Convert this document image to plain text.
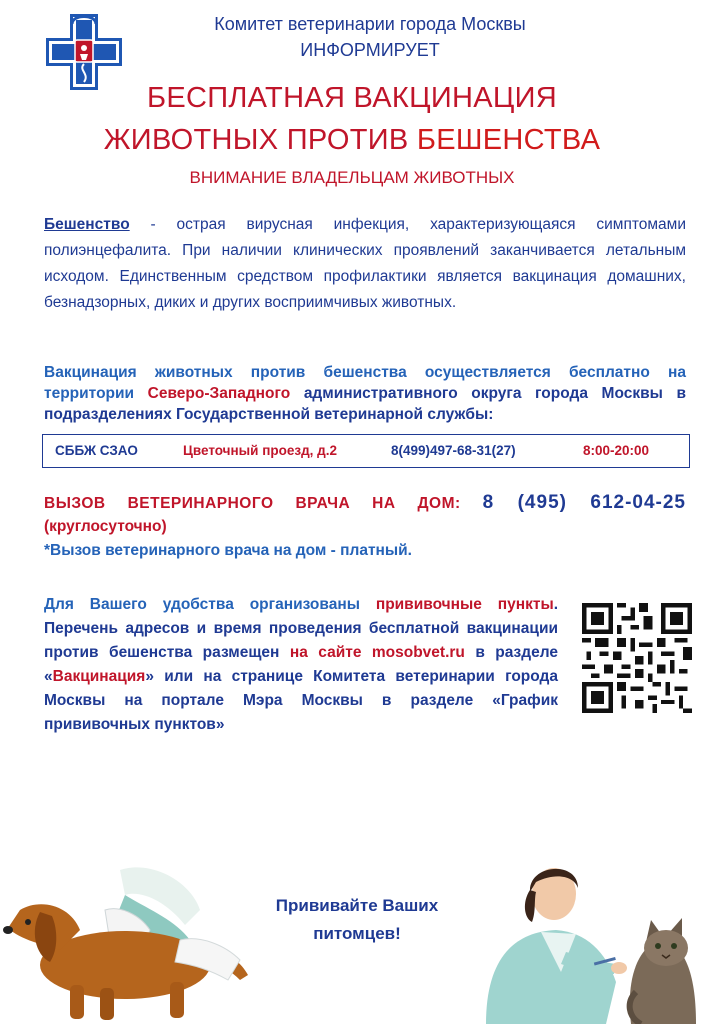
Комитет ветеринарии города Москвы
ИНФОРМИРУЕТ
БЕСПЛАТНАЯ ВАКЦИНАЦИЯ
ЖИВОТНЫХ ПРОТИВ БЕШЕНСТВА
ВНИМАНИЕ ВЛАДЕЛЬЦАМ ЖИВОТНЫХ
Бешенство - острая вирусная инфекция, характеризующаяся симптомами полиэнцефалита. При наличии клинических проявлений заканчивается летальным исходом. Единственным средством профилактики является вакцинация домашних, безнадзорных, диких и других восприимчивых животных.
Вакцинация животных против бешенства осуществляется бесплатно на территории Северо-Западного административного округа города Москвы в подразделениях Государственной ветеринарной службы:
СББЖ СЗАО	Цветочный проезд, д.2	8(499)497-68-31(27)	8:00-20:00
ВЫЗОВ ВЕТЕРИНАРНОГО ВРАЧА НА ДОМ: 8 (495) 612-04-25
(круглосуточно)
*Вызов ветеринарного врача на дом - платный.
Для Вашего удобства организованы прививочные пункты. Перечень адресов и время проведения бесплатной вакцинации против бешенства размещен на сайте mosobvet.ru в разделе «Вакцинация» или на странице Комитета ветеринарии города Москвы на портале Мэра Москвы в разделе «График прививочных пунктов»
Прививайте Ваших
питомцев!
